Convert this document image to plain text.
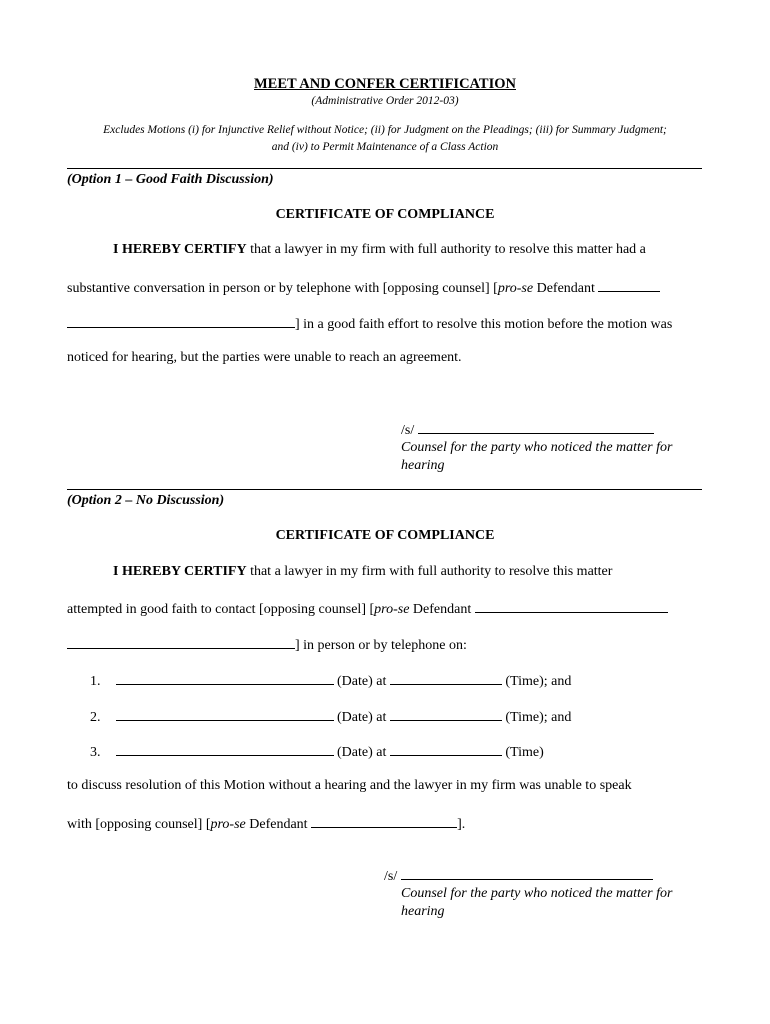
MEET AND CONFER CERTIFICATION
(Administrative Order 2012-03)
Excludes Motions (i) for Injunctive Relief without Notice; (ii) for Judgment on the Pleadings; (iii) for Summary Judgment;
and (iv) to Permit Maintenance of a Class Action
(Option 1 – Good Faith Discussion)
CERTIFICATE OF COMPLIANCE
I HEREBY CERTIFY that a lawyer in my firm with full authority to resolve this matter had a
substantive conversation in person or by telephone with [opposing counsel] [pro-se Defendant
] in a good faith effort to resolve this motion before the motion was
noticed for hearing, but the parties were unable to reach an agreement.
/s/
Counsel for the party who noticed the matter for
hearing
(Option 2 – No Discussion)
CERTIFICATE OF COMPLIANCE
I HEREBY CERTIFY that a lawyer in my firm with full authority to resolve this matter
attempted in good faith to contact [opposing counsel] [pro-se Defendant
] in person or by telephone on:
1.	(Date) at	(Time); and
2.	(Date) at	(Time); and
3.	(Date) at	(Time)
to discuss resolution of this Motion without a hearing and the lawyer in my firm was unable to speak
with [opposing counsel] [pro-se Defendant	].
/s/
Counsel for the party who noticed the matter for
hearing
